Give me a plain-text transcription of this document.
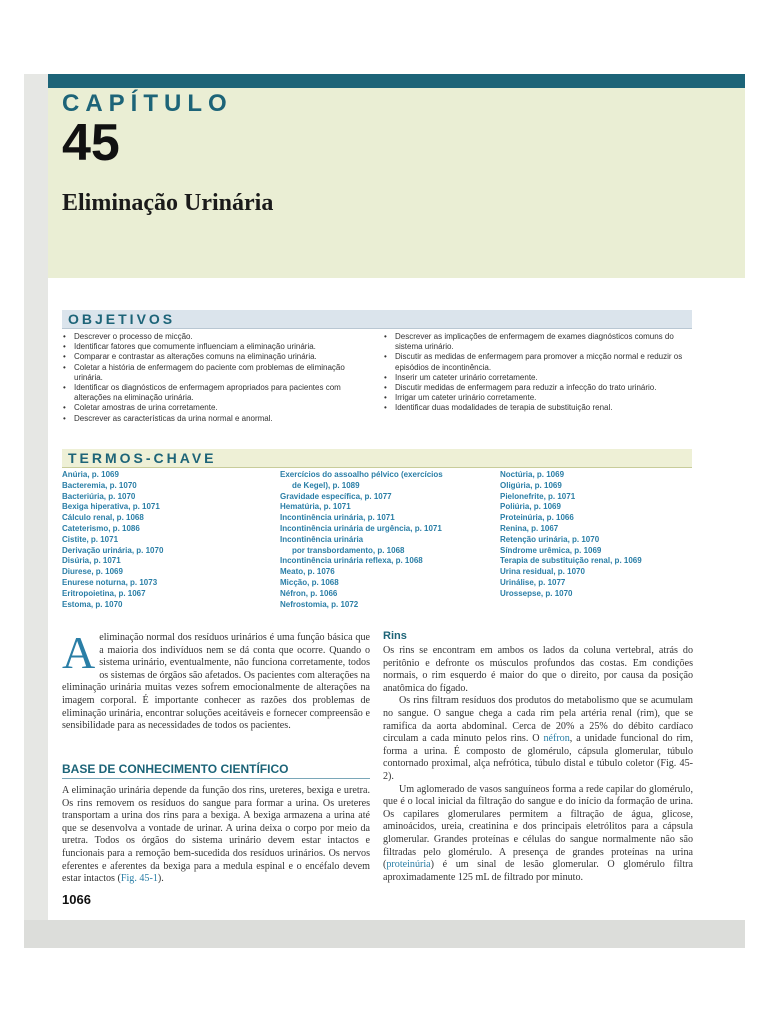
CAPÍTULO
45
Eliminação Urinária
OBJETIVOS
• Descrever o processo de micção.
• Identificar fatores que comumente influenciam a eliminação urinária.
• Comparar e contrastar as alterações comuns na eliminação urinária.
• Coletar a história de enfermagem do paciente com problemas de eliminação urinária.
• Identificar os diagnósticos de enfermagem apropriados para pacientes com alterações na eliminação urinária.
• Coletar amostras de urina corretamente.
• Descrever as características da urina normal e anormal.
• Descrever as implicações de enfermagem de exames diagnósticos comuns do sistema urinário.
• Discutir as medidas de enfermagem para promover a micção normal e reduzir os episódios de incontinência.
• Inserir um cateter urinário corretamente.
• Discutir medidas de enfermagem para reduzir a infecção do trato urinário.
• Irrigar um cateter urinário corretamente.
• Identificar duas modalidades de terapia de substituição renal.
TERMOS-CHAVE
Anúria, p. 1069
Bacteremia, p. 1070
Bacteriúria, p. 1070
Bexiga hiperativa, p. 1071
Cálculo renal, p. 1068
Cateterismo, p. 1086
Cistite, p. 1071
Derivação urinária, p. 1070
Disúria, p. 1071
Diurese, p. 1069
Enurese noturna, p. 1073
Eritropoietina, p. 1067
Estoma, p. 1070
Exercícios do assoalho pélvico (exercícios
de Kegel), p. 1089
Gravidade específica, p. 1077
Hematúria, p. 1071
Incontinência urinária, p. 1071
Incontinência urinária de urgência, p. 1071
Incontinência urinária
por transbordamento, p. 1068
Incontinência urinária reflexa, p. 1068
Meato, p. 1076
Micção, p. 1068
Néfron, p. 1066
Nefrostomia, p. 1072
Noctúria, p. 1069
Oligúria, p. 1069
Pielonefrite, p. 1071
Poliúria, p. 1069
Proteinúria, p. 1066
Renina, p. 1067
Retenção urinária, p. 1070
Síndrome urêmica, p. 1069
Terapia de substituição renal, p. 1069
Urina residual, p. 1070
Urinálise, p. 1077
Urossepse, p. 1070
Aeliminação normal dos resíduos urinários é uma função básica que a maioria dos indivíduos nem se dá conta que ocorre. Quando o sistema urinário, eventualmente, não funciona corretamente, todos os sistemas de órgãos são afetados. Os pacientes com alterações na eliminação urinária muitas vezes sofrem emocionalmente de alterações na imagem corporal. É importante conhecer as razões dos problemas de eliminação urinária, encontrar soluções aceitáveis e fornecer compreensão e sensibilidade para as necessidades de todos os pacientes.
BASE DE CONHECIMENTO CIENTÍFICO
A eliminação urinária depende da função dos rins, ureteres, bexiga e uretra. Os rins removem os resíduos do sangue para formar a urina. Os ureteres transportam a urina dos rins para a bexiga. A bexiga armazena a urina até que se desenvolva a vontade de urinar. A urina deixa o corpo por meio da uretra. Todos os órgãos do sistema urinário devem estar intactos e funcionais para a remoção bem-sucedida dos resíduos urinários. Os nervos eferentes e aferentes da bexiga para a medula espinal e o encéfalo devem estar intactos (Fig. 45-1).
1066
Rins

Os rins se encontram em ambos os lados da coluna vertebral, atrás do peritônio e defronte os músculos profundos das costas. Em condições normais, o rim esquerdo é maior do que o direito, por causa da posição anatômica do fígado.

Os rins filtram resíduos dos produtos do metabolismo que se acumulam no sangue. O sangue chega a cada rim pela artéria renal (rim), que se ramifica da aorta abdominal. Cerca de 20% a 25% do débito cardíaco circulam a cada minuto pelos rins. O néfron, a unidade funcional do rim, forma a urina. É composto de glomérulo, cápsula glomerular, túbulo contornado proximal, alça nefrótica, túbulo distal e túbulo coletor (Fig. 45-2).

Um aglomerado de vasos sanguíneos forma a rede capilar do glomérulo, que é o local inicial da filtração do sangue e do início da formação de urina. Os capilares glomerulares permitem a filtração de água, glicose, aminoácidos, ureia, creatinina e dos principais eletrólitos para a cápsula glomerular. Grandes proteínas e células do sangue normalmente não são filtradas pelo glomérulo. A presença de grandes proteínas na urina (proteinúria) é um sinal de lesão glomerular. O glomérulo filtra aproximadamente 125 mL de filtrado por minuto.
